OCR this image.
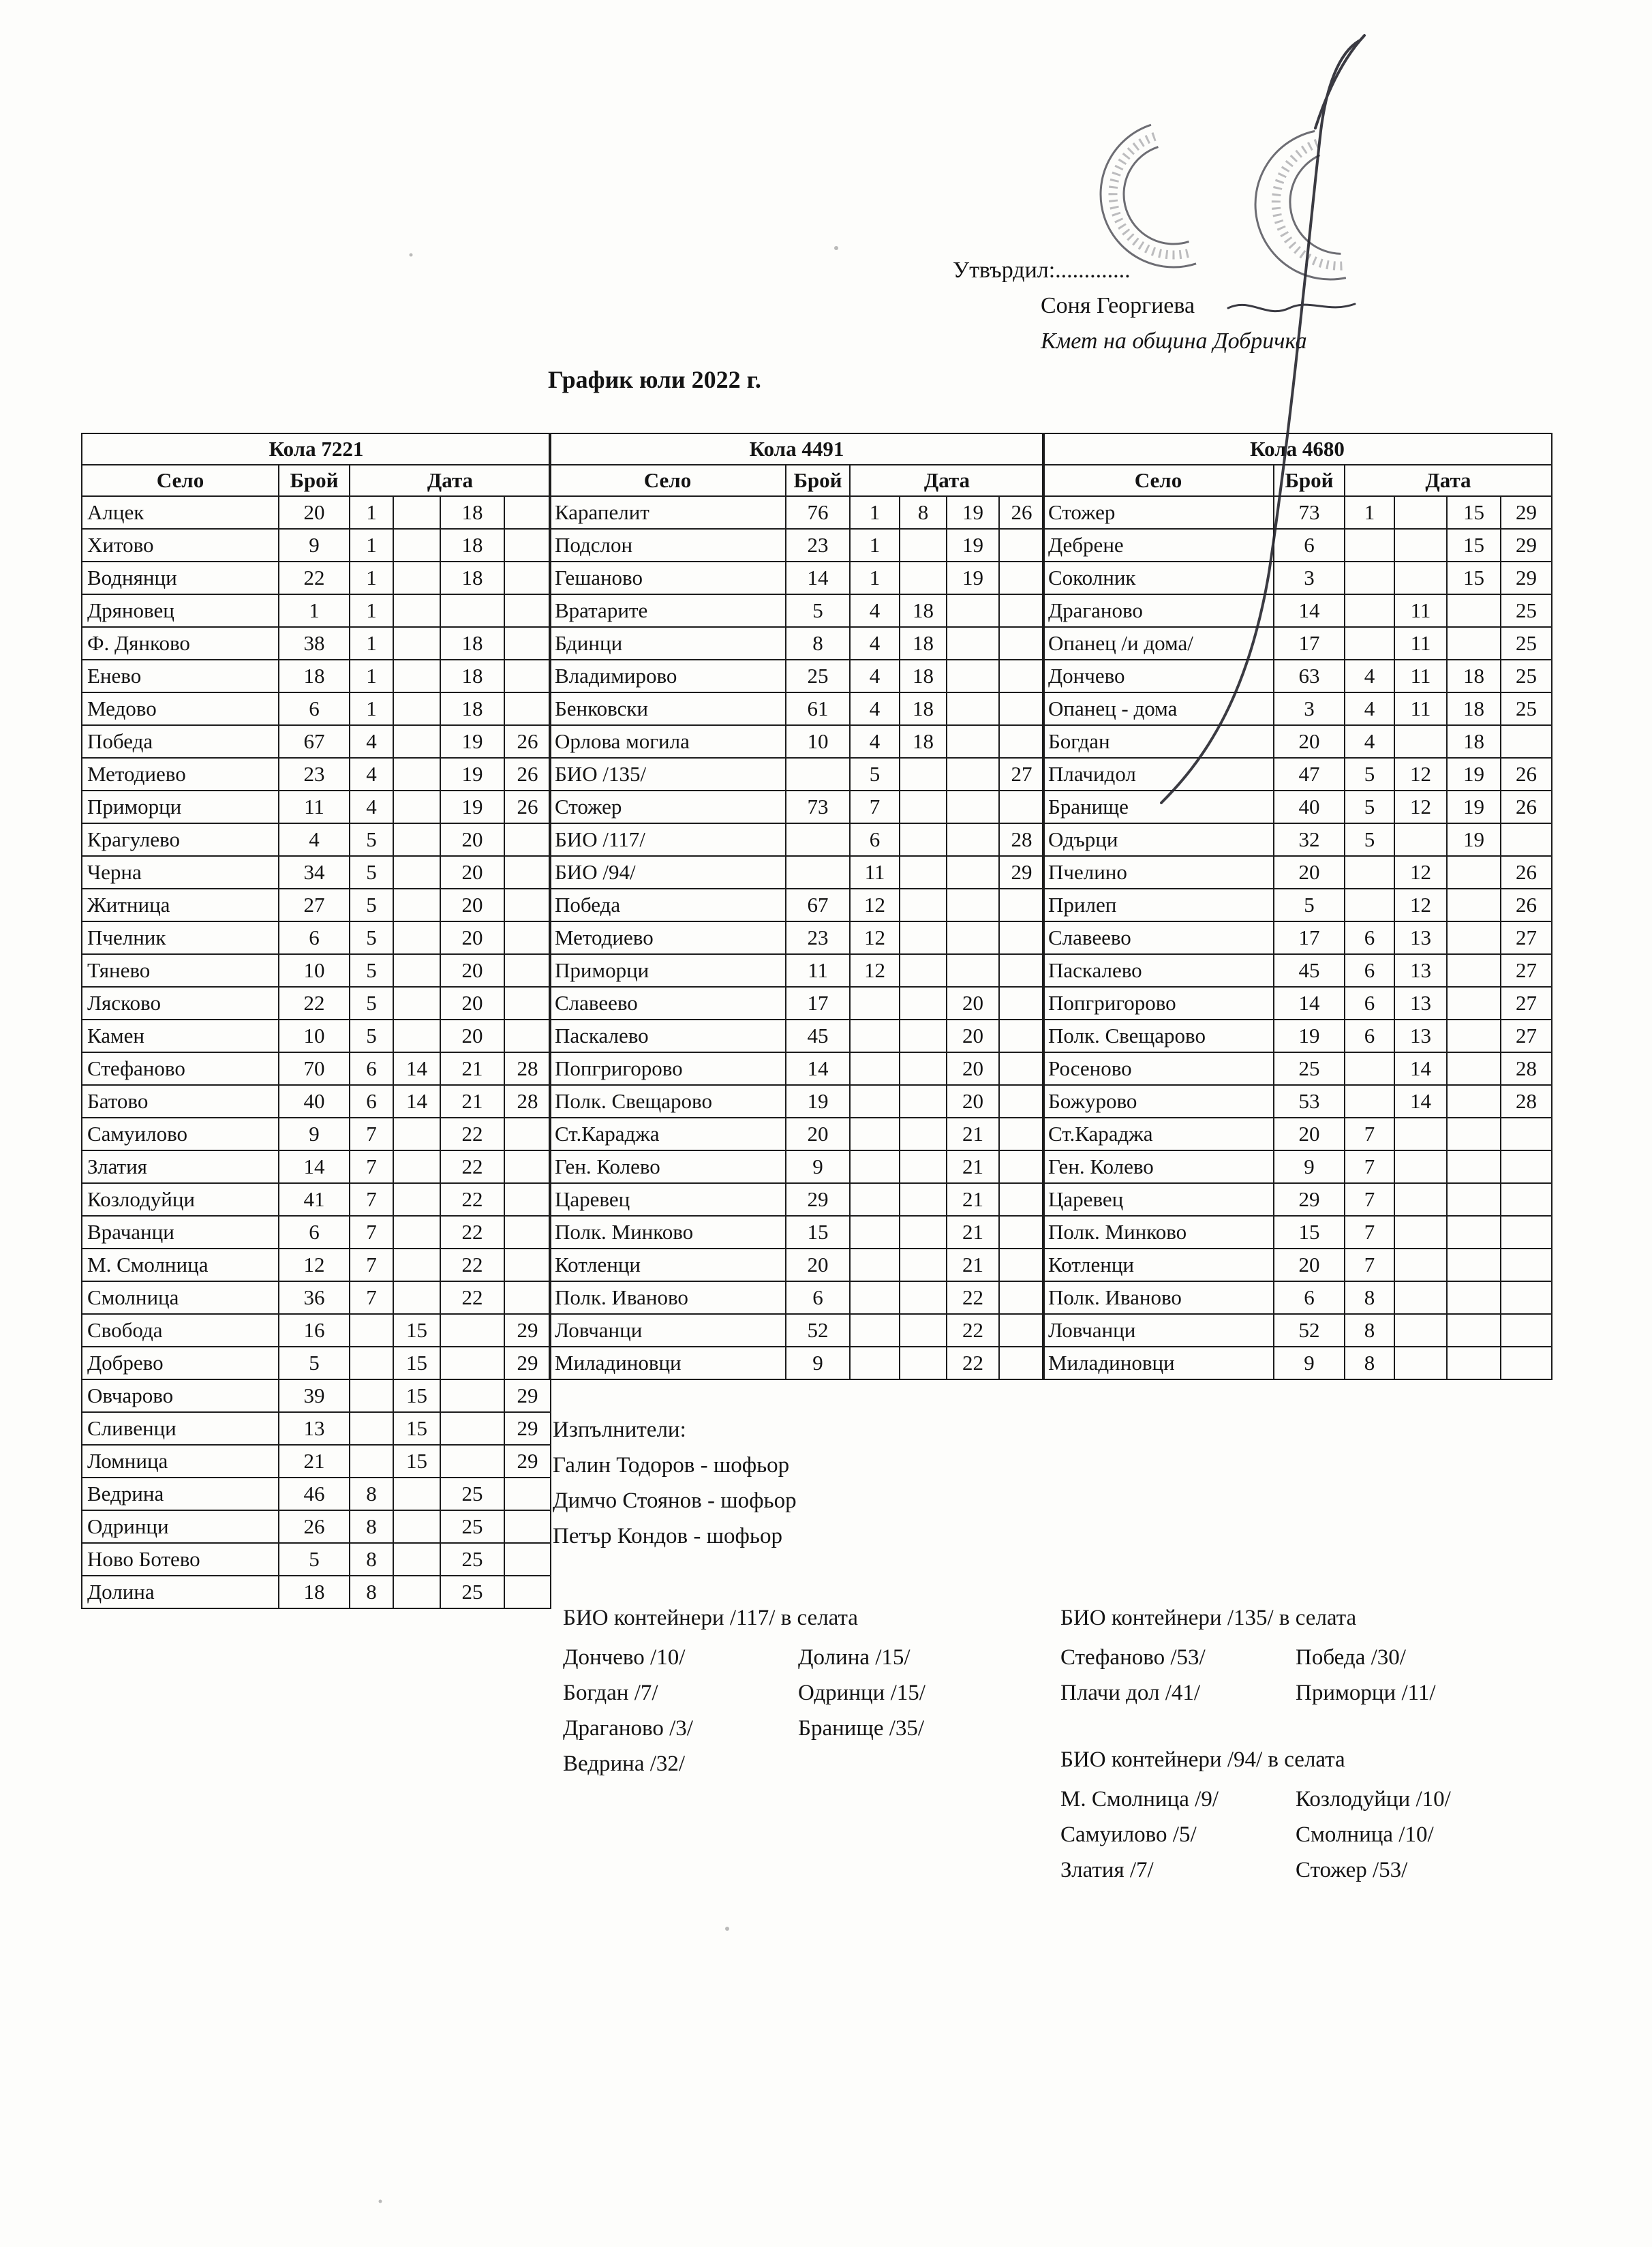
Утвърдил:.............
Соня Георгиева
Кмет на община Добричка
График юли 2022 г.
Кола 7221					
Село	Брой	Дата			
Алцек	20	1		18	
Хитово	9	1		18	
Воднянци	22	1		18	
Дряновец	1	1			
Ф. Дянково	38	1		18	
Енево	18	1		18	
Медово	6	1		18	
Победа	67	4		19	26
Методиево	23	4		19	26
Приморци	11	4		19	26
Крагулево	4	5		20	
Черна	34	5		20	
Житница	27	5		20	
Пчелник	6	5		20	
Тянево	10	5		20	
Лясково	22	5		20	
Камен	10	5		20	
Стефаново	70	6	14	21	28
Батово	40	6	14	21	28
Самуилово	9	7		22	
Златия	14	7		22	
Козлодуйци	41	7		22	
Врачанци	6	7		22	
М. Смолница	12	7		22	
Смолница	36	7		22	
Свобода	16		15		29
Добрево	5		15		29
Овчарово	39		15		29
Сливенци	13		15		29
Ломница	21		15		29
Ведрина	46	8		25	
Одринци	26	8		25	
Ново Ботево	5	8		25	
Долина	18	8		25	
Кола 4491					
Село	Брой	Дата			
Карапелит	76	1	8	19	26
Подслон	23	1		19	
Гешаново	14	1		19	
Вратарите	5	4	18		
Бдинци	8	4	18		
Владимирово	25	4	18		
Бенковски	61	4	18		
Орлова могила	10	4	18		
БИО /135/		5			27
Стожер	73	7			
БИО /117/		6			28
БИО /94/		11			29
Победа	67	12			
Методиево	23	12			
Приморци	11	12			
Славеево	17			20	
Паскалево	45			20	
Попгригорово	14			20	
Полк. Свещарово	19			20	
Ст.Караджа	20			21	
Ген. Колево	9			21	
Царевец	29			21	
Полк. Минково	15			21	
Котленци	20			21	
Полк. Иваново	6			22	
Ловчанци	52			22	
Миладиновци	9			22	
Кола 4680					
Село	Брой	Дата			
Стожер	73	1		15	29
Дебрене	6			15	29
Соколник	3			15	29
Драганово	14		11		25
Опанец /и дома/	17		11		25
Дончево	63	4	11	18	25
Опанец - дома	3	4	11	18	25
Богдан	20	4		18	
Плачидол	47	5	12	19	26
Бранище	40	5	12	19	26
Одърци	32	5		19	
Пчелино	20		12		26
Прилеп	5		12		26
Славеево	17	6	13		27
Паскалево	45	6	13		27
Попгригорово	14	6	13		27
Полк. Свещарово	19	6	13		27
Росеново	25		14		28
Божурово	53		14		28
Ст.Караджа	20	7			
Ген. Колево	9	7			
Царевец	29	7			
Полк. Минково	15	7			
Котленци	20	7			
Полк. Иваново	6	8			
Ловчанци	52	8			
Миладиновци	9	8			
Изпълнители:
Галин Тодоров - шофьор
Димчо Стоянов - шофьор
Петър Кондов - шофьор
БИО контейнери /117/ в селата
Дончево /10/
Богдан /7/
Драганово /3/
Ведрина /32/
Долина /15/
Одринци /15/
Бранище /35/
БИО контейнери /135/ в селата
Стефаново /53/
Плачи дол /41/
Победа /30/
Приморци /11/
БИО контейнери /94/ в селата
М. Смолница /9/
Самуилово /5/
Златия /7/
Козлодуйци /10/
Смолница /10/
Стожер /53/
